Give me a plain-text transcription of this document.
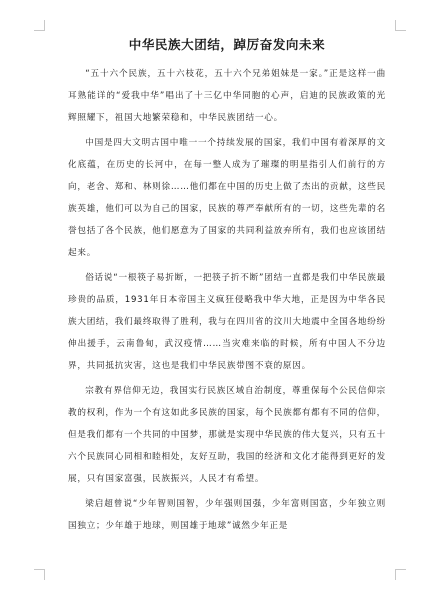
中华民族大团结，踔厉奋发向未来

“五十六个民族，五十六枝花，五十六个兄弟姐妹是一家。”正是这样一曲耳熟能详的“爱我中华”唱出了十三亿中华同胞的心声，启迪的民族政策的光辉照耀下，祖国大地繁荣稳和，中华民族团结一心。

中国是四大文明古国中唯一一个持续发展的国家，我们中国有着深厚的文化底蕴，在历史的长河中，在每一整人成为了璀璨的明星指引人们前行的方向，老舍、郑和、林则徐……他们都在中国的历史上做了杰出的贡献，这些民族英雄，他们可以为自己的国家，民族的尊严奉献所有的一切，这些先辈的名誉包括了各个民族，他们愿意为了国家的共同利益放弃所有，我们也应该团结起来。

俗话说“一根筷子易折断，一把筷子折不断”团结一直都是我们中华民族最珍贵的品质，1931年日本帝国主义疯狂侵略我中华大地，正是因为中华各民族大团结，我们最终取得了胜利，我与在四川省的汶川大地震中全国各地纷纷伸出援手，云南鲁甸，武汉疫情……当灾难来临的时候，所有中国人不分边界，共同抵抗灾害，这也是我们中华民族带图不衰的原因。

宗教有界信仰无边，我国实行民族区域自治制度，尊重保每个公民信仰宗教的权利，作为一个有这如此多民族的国家，每个民族都有都有不同的信仰，但是我们都有一个共同的中国梦，那就是实现中华民族的伟大复兴，只有五十六个民族同心同相和睦相处，友好互助，我国的经济和文化才能得到更好的发展，只有国家富强，民族振兴，人民才有希望。

梁启超曾说“少年智则国智，少年强则国强，少年富则国富，少年独立则国独立；少年雄于地球，则国雄于地球”诚然少年正是
